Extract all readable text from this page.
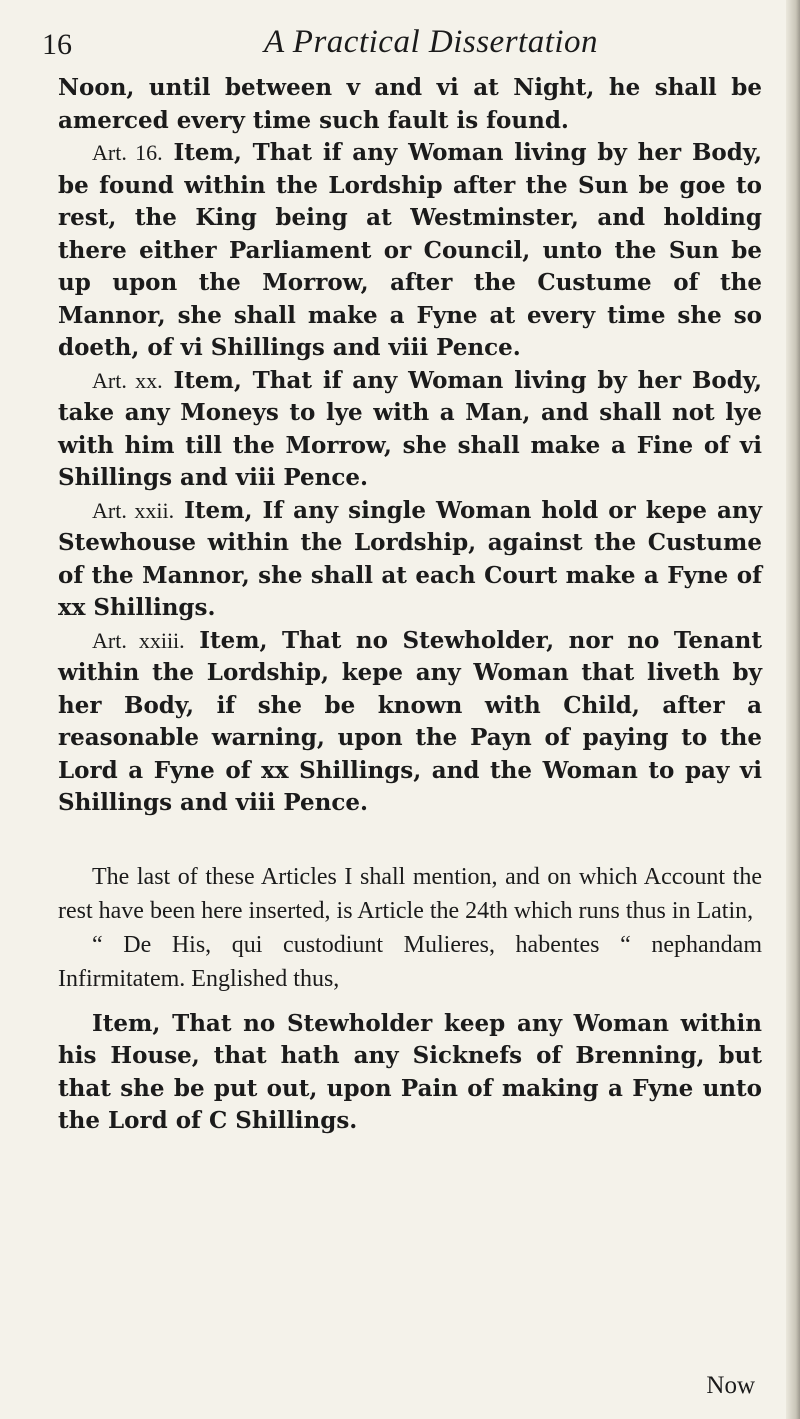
16	A Practical Dissertation

Noon, until between v and vi at Night, he shall be amerced every time such fault is found.

Art. 16. Item, That if any Woman living by her Body, be found within the Lordship after the Sun be goe to rest, the King being at Westminster, and holding there either Parliament or Council, unto the Sun be up upon the Morrow, after the Custume of the Mannor, she shall make a Fyne at every time she so doeth, of vi Shillings and viii Pence.

Art. xx. Item, That if any Woman living by her Body, take any Moneys to lye with a Man, and shall not lye with him till the Morrow, she shall make a Fine of vi Shillings and viii Pence.

Art. xxii. Item, If any single Woman hold or kepe any Stewhouse within the Lordship, against the Custume of the Mannor, she shall at each Court make a Fyne of xx Shillings.

Art. xxiii. Item, That no Stewholder, nor no Tenant within the Lordship, kepe any Woman that liveth by her Body, if she be known with Child, after a reasonable warning, upon the Payn of paying to the Lord a Fyne of xx Shillings, and the Woman to pay vi Shillings and viii Pence.

The last of these Articles I shall mention, and on which Account the rest have been here inserted, is Article the 24th which runs thus in Latin,

“ De His, qui custodiunt Mulieres, habentes “ nephandam Infirmitatem. Englished thus,

Item, That no Stewholder keep any Woman within his House, that hath any Sicknefs of Brenning, but that she be put out, upon Pain of making a Fyne unto the Lord of C Shillings.

Now
